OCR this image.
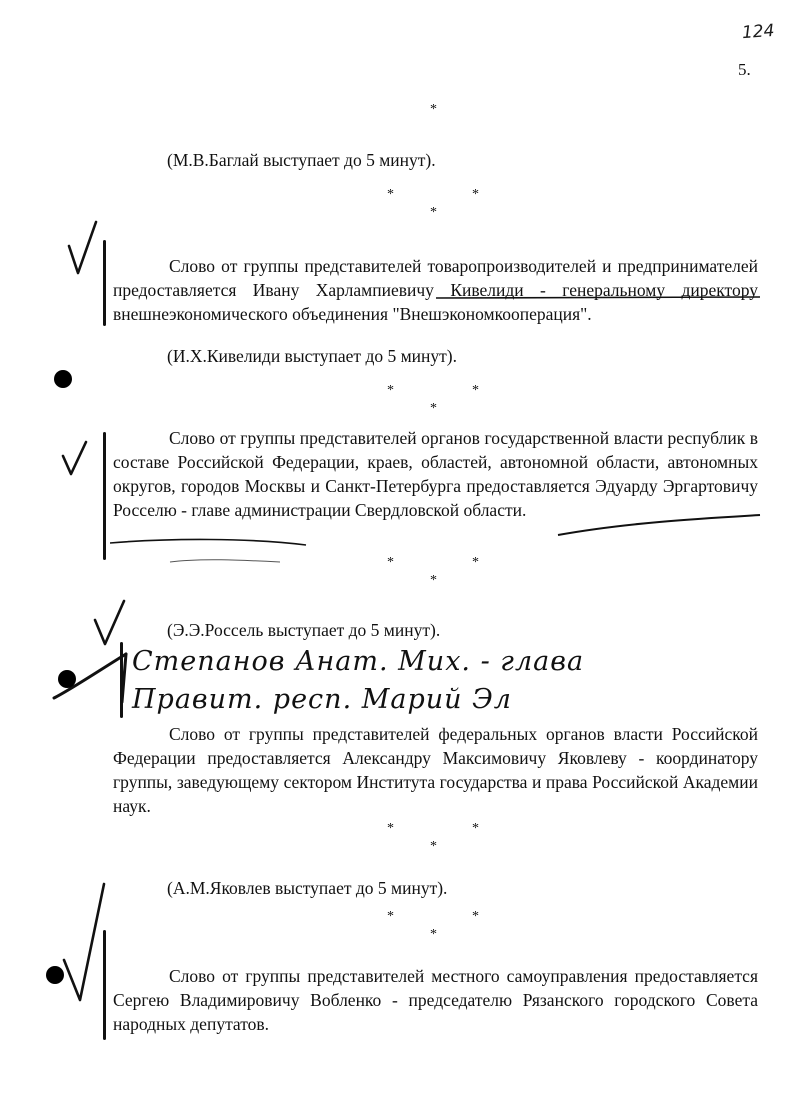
124
5.
*
(М.В.Баглай выступает до 5 минут).
*	*
*
Слово от группы представителей товаропроизводителей и предпринимателей предоставляется Ивану Харлампиевичу Кивелиди - генеральному директору внешнеэкономического объединения "Внешэкономкооперация".
(И.Х.Кивелиди выступает до 5 минут).
*	*
*
Слово от группы представителей органов государственной власти республик в составе Российской Федерации, краев, областей, автономной области, автономных округов, городов Москвы и Санкт-Петербурга предоставляется Эдуарду Эргартовичу Росселю - главе администрации Свердловской области.
*	*
*
(Э.Э.Россель выступает до 5 минут).
Степанов Анат. Мих. - глава
Правит. респ. Марий Эл
Слово от группы представителей федеральных органов власти Российской Федерации предоставляется Александру Максимовичу Яковлеву - координатору группы, заведующему сектором Института государства и права Российской Академии наук.
*	*
*
(А.М.Яковлев выступает до 5 минут).
*	*
*
Слово от группы представителей местного самоуправления предоставляется Сергею Владимировичу Вобленко - председателю Рязанского городского Совета народных депутатов.
